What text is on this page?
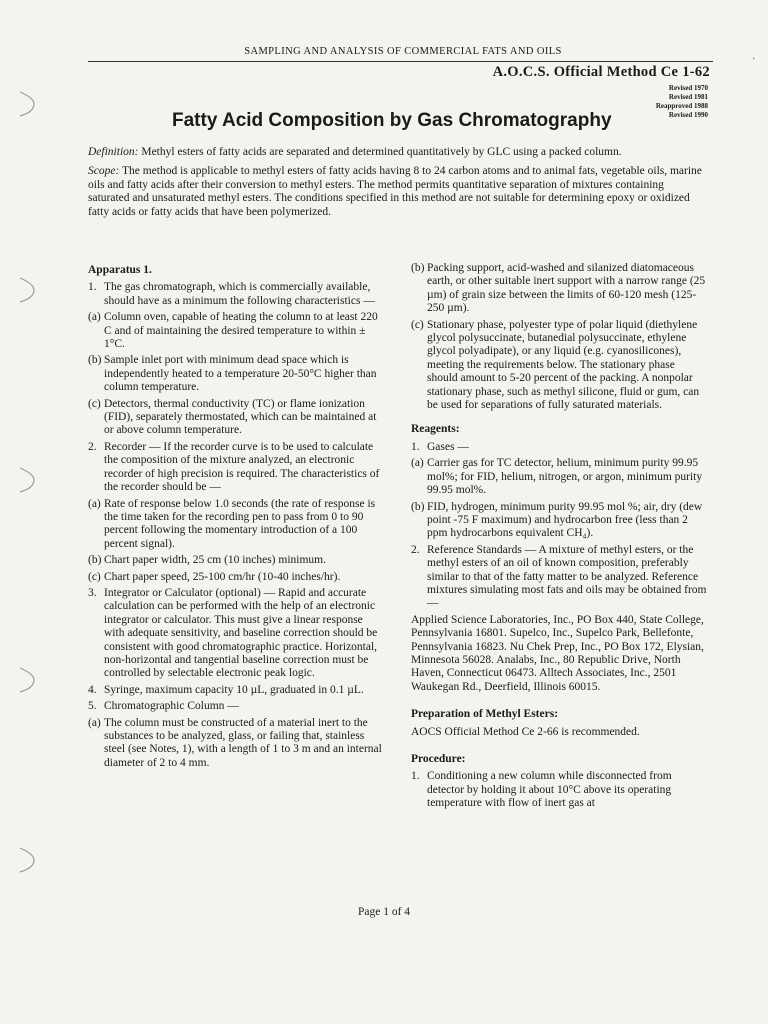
SAMPLING AND ANALYSIS OF COMMERCIAL FATS AND OILS
·
A.O.C.S. Official Method Ce 1-62
Revised 1970
Revised 1981
Reapproved 1988
Revised 1990
Fatty Acid Composition by Gas Chromatography

Definition: Methyl esters of fatty acids are separated and determined quantitatively by GLC using a packed column.

Scope: The method is applicable to methyl esters of fatty acids having 8 to 24 carbon atoms and to animal fats, vegetable oils, marine oils and fatty acids after their conversion to methyl esters. The method permits quantitative separation of mixtures containing saturated and unsaturated methyl esters. The conditions specified in this method are not suitable for determining epoxy or oxidized fatty acids or fatty acids that have been polymerized.

Apparatus 1.
1. The gas chromatograph, which is commercially available, should have as a minimum the following characteristics —
(a) Column oven, capable of heating the column to at least 220 C and of maintaining the desired temperature to within ± 1°C.
(b) Sample inlet port with minimum dead space which is independently heated to a temperature 20-50°C higher than column temperature.
(c) Detectors, thermal conductivity (TC) or flame ionization (FID), separately thermostated, which can be maintained at or above column temperature.
2. Recorder — If the recorder curve is to be used to calculate the composition of the mixture analyzed, an electronic recorder of high precision is required. The characteristics of the recorder should be —
(a) Rate of response below 1.0 seconds (the rate of response is the time taken for the recording pen to pass from 0 to 90 percent following the momentary introduction of a 100 percent signal).
(b) Chart paper width, 25 cm (10 inches) minimum.
(c) Chart paper speed, 25-100 cm/hr (10-40 inches/hr).
3. Integrator or Calculator (optional) — Rapid and accurate calculation can be performed with the help of an electronic integrator or calculator. This must give a linear response with adequate sensitivity, and baseline correction should be consistent with good chromatographic practice. Horizontal, non-horizontal and tangential baseline correction must be controlled by selectable electronic peak logic.
4. Syringe, maximum capacity 10 µL, graduated in 0.1 µL.
5. Chromatographic Column —
(a) The column must be constructed of a material inert to the substances to be analyzed, glass, or failing that, stainless steel (see Notes, 1), with a length of 1 to 3 m and an internal diameter of 2 to 4 mm.
(b) Packing support, acid-washed and silanized diatomaceous earth, or other suitable inert support with a narrow range (25 µm) of grain size between the limits of 60-120 mesh (125-250 µm).
(c) Stationary phase, polyester type of polar liquid (diethylene glycol polysuccinate, butanedial polysuccinate, ethylene glycol polyadipate), or any liquid (e.g. cyanosilicones), meeting the requirements below. The stationary phase should amount to 5-20 percent of the packing. A nonpolar stationary phase, such as methyl silicone, fluid or gum, can be used for separations of fully saturated materials.
Reagents:
1. Gases —
(a) Carrier gas for TC detector, helium, minimum purity 99.95 mol%; for FID, helium, nitrogen, or argon, minimum purity 99.95 mol%.
(b) FID, hydrogen, minimum purity 99.95 mol %; air, dry (dew point -75 F maximum) and hydrocarbon free (less than 2 ppm hydrocarbons equivalent CH₄).
2. Reference Standards — A mixture of methyl esters, or the methyl esters of an oil of known composition, preferably similar to that of the fatty matter to be analyzed. Reference mixtures simulating most fats and oils may be obtained from —
Applied Science Laboratories, Inc., PO Box 440, State College, Pennsylvania 16801. Supelco, Inc., Supelco Park, Bellefonte, Pennsylvania 16823. Nu Chek Prep, Inc., PO Box 172, Elysian, Minnesota 56028. Analabs, Inc., 80 Republic Drive, North Haven, Connecticut 06473. Alltech Associates, Inc., 2501 Waukegan Rd., Deerfield, Illinois 60015.
Preparation of Methyl Esters:
AOCS Official Method Ce 2-66 is recommended.
Procedure:
1. Conditioning a new column while disconnected from detector by holding it about 10°C above its operating temperature with flow of inert gas at
Page 1 of 4
